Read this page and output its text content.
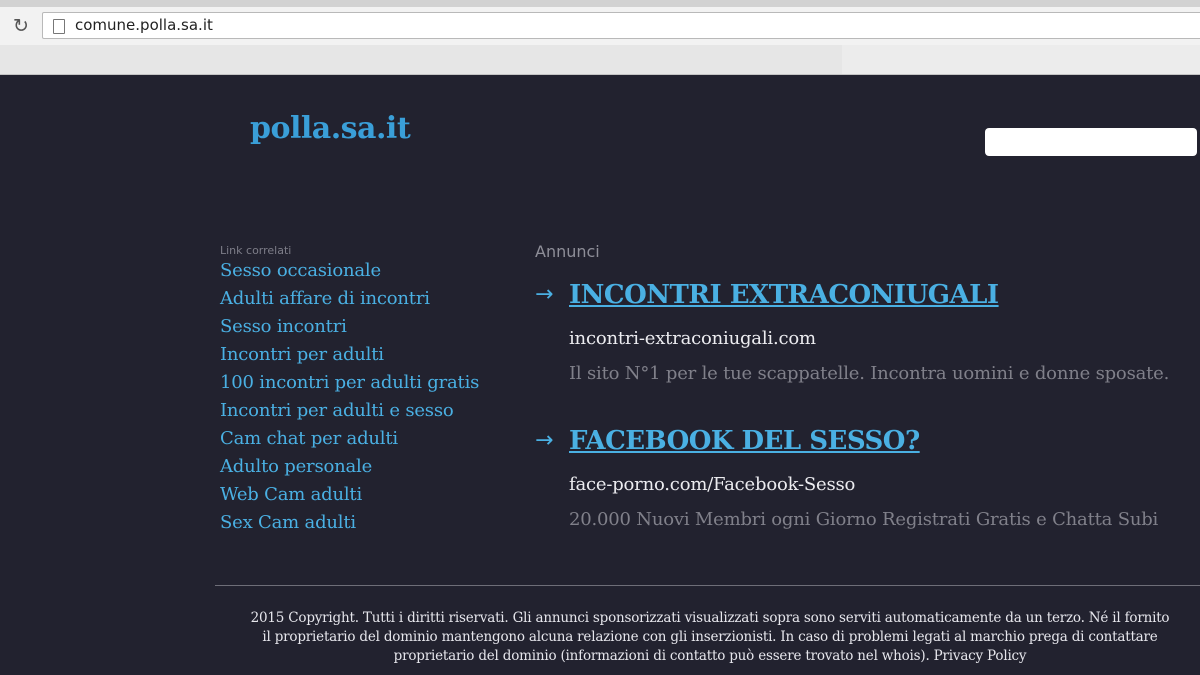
↻	comune.polla.sa.it
polla.sa.it
Link correlati
Sesso occasionale
Adulti affare di incontri
Sesso incontri
Incontri per adulti
100 incontri per adulti gratis
Incontri per adulti e sesso
Cam chat per adulti
Adulto personale
Web Cam adulti
Sex Cam adulti
Annunci
→ INCONTRI EXTRACONIUGALI
incontri-extraconiugali.com
Il sito N°1 per le tue scappatelle. Incontra uomini e donne sposate.
→ FACEBOOK DEL SESSO?
face-porno.com/Facebook-Sesso
20.000 Nuovi Membri ogni Giorno Registrati Gratis e Chatta Subi

2015 Copyright. Tutti i diritti riservati. Gli annunci sponsorizzati visualizzati sopra sono serviti automaticamente da un terzo. Né il fornito

il proprietario del dominio mantengono alcuna relazione con gli inserzionisti. In caso di problemi legati al marchio prega di contattare

proprietario del dominio (informazioni di contatto può essere trovato nel whois). Privacy Policy
